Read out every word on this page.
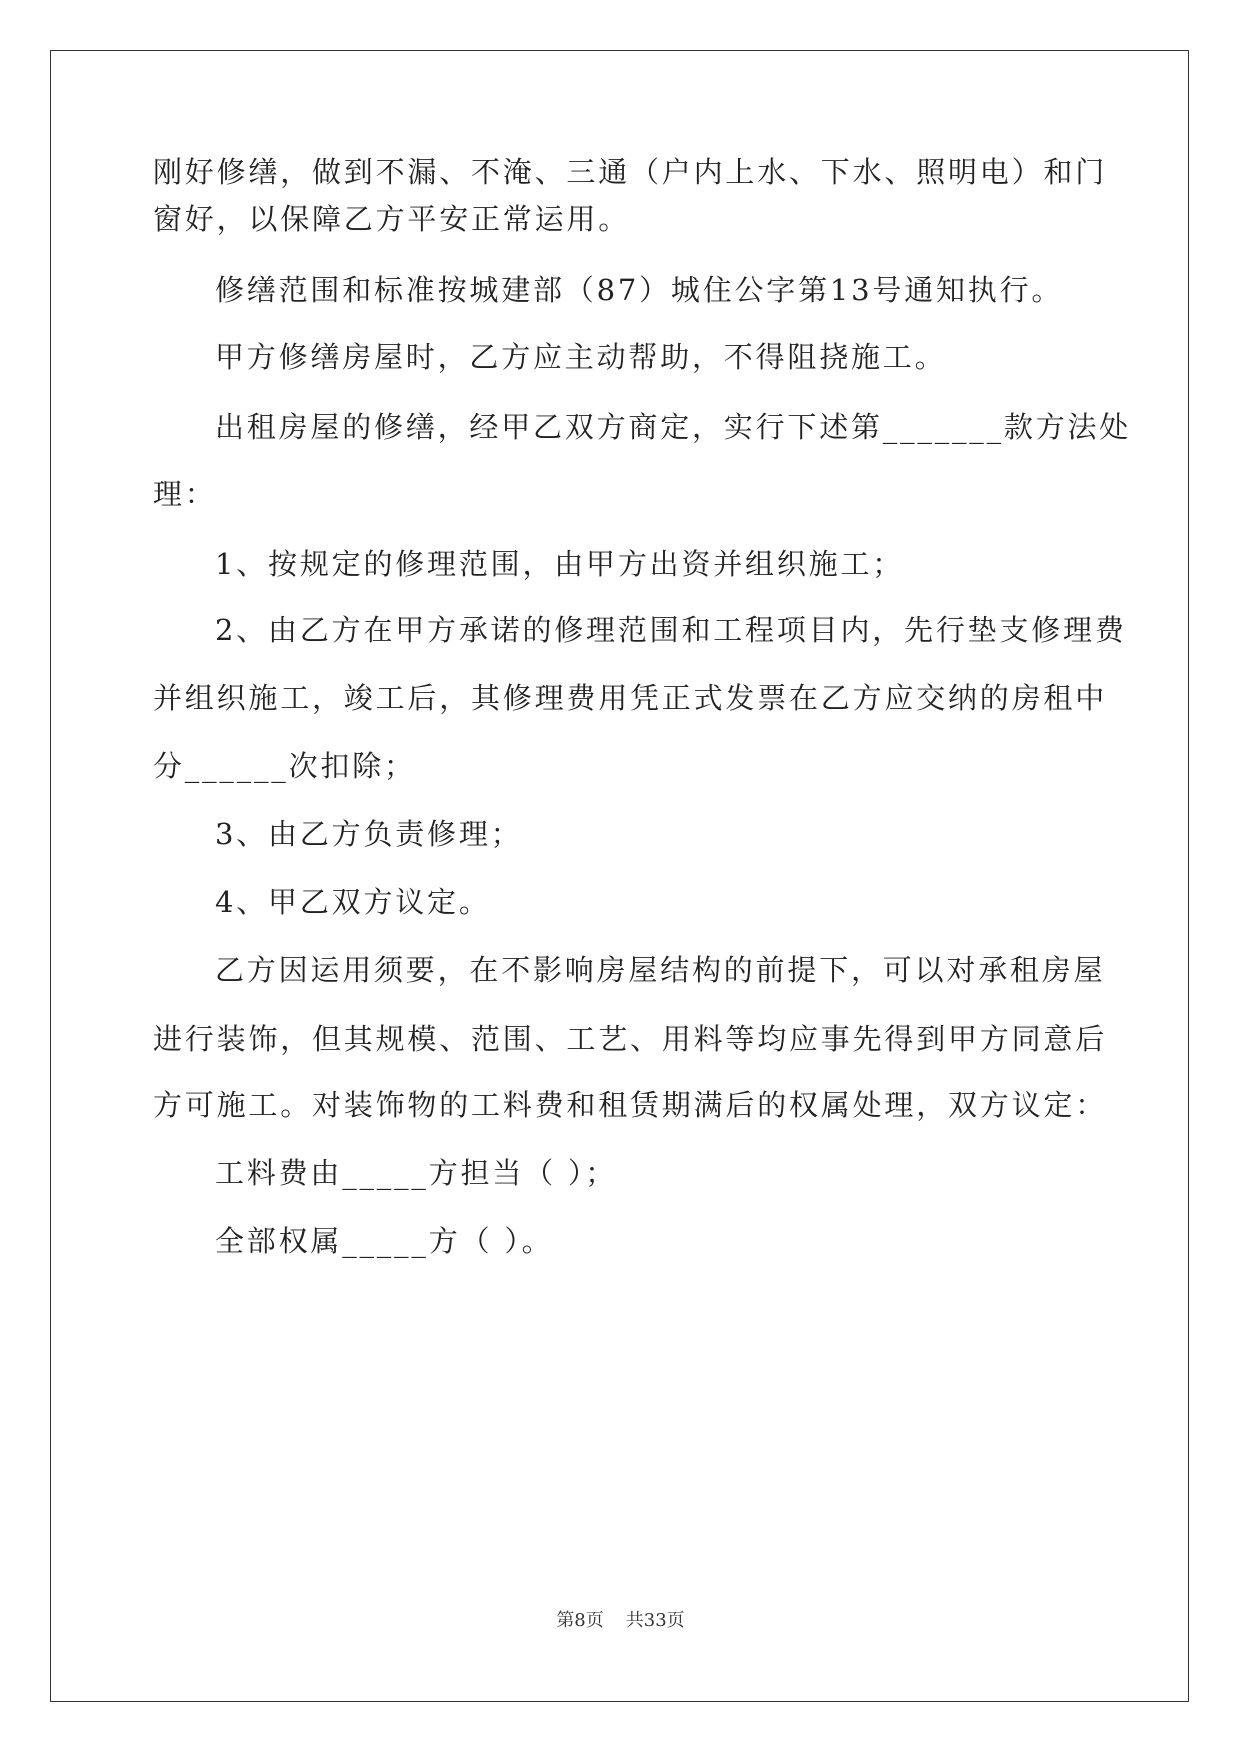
刚好修缮，做到不漏、不淹、三通（户内上水、下水、照明电）和门
窗好，以保障乙方平安正常运用。
修缮范围和标准按城建部（87）城住公字第13号通知执行。
甲方修缮房屋时，乙方应主动帮助，不得阻挠施工。
出租房屋的修缮，经甲乙双方商定，实行下述第_______款方法处
理：
1、按规定的修理范围，由甲方出资并组织施工；
2、由乙方在甲方承诺的修理范围和工程项目内，先行垫支修理费
并组织施工，竣工后，其修理费用凭正式发票在乙方应交纳的房租中
分______次扣除；
3、由乙方负责修理；
4、甲乙双方议定。
乙方因运用须要，在不影响房屋结构的前提下，可以对承租房屋
进行装饰，但其规模、范围、工艺、用料等均应事先得到甲方同意后
方可施工。对装饰物的工料费和租赁期满后的权属处理，双方议定：
工料费由_____方担当（ ）；
全部权属_____方（ ）。
第8页 共33页
